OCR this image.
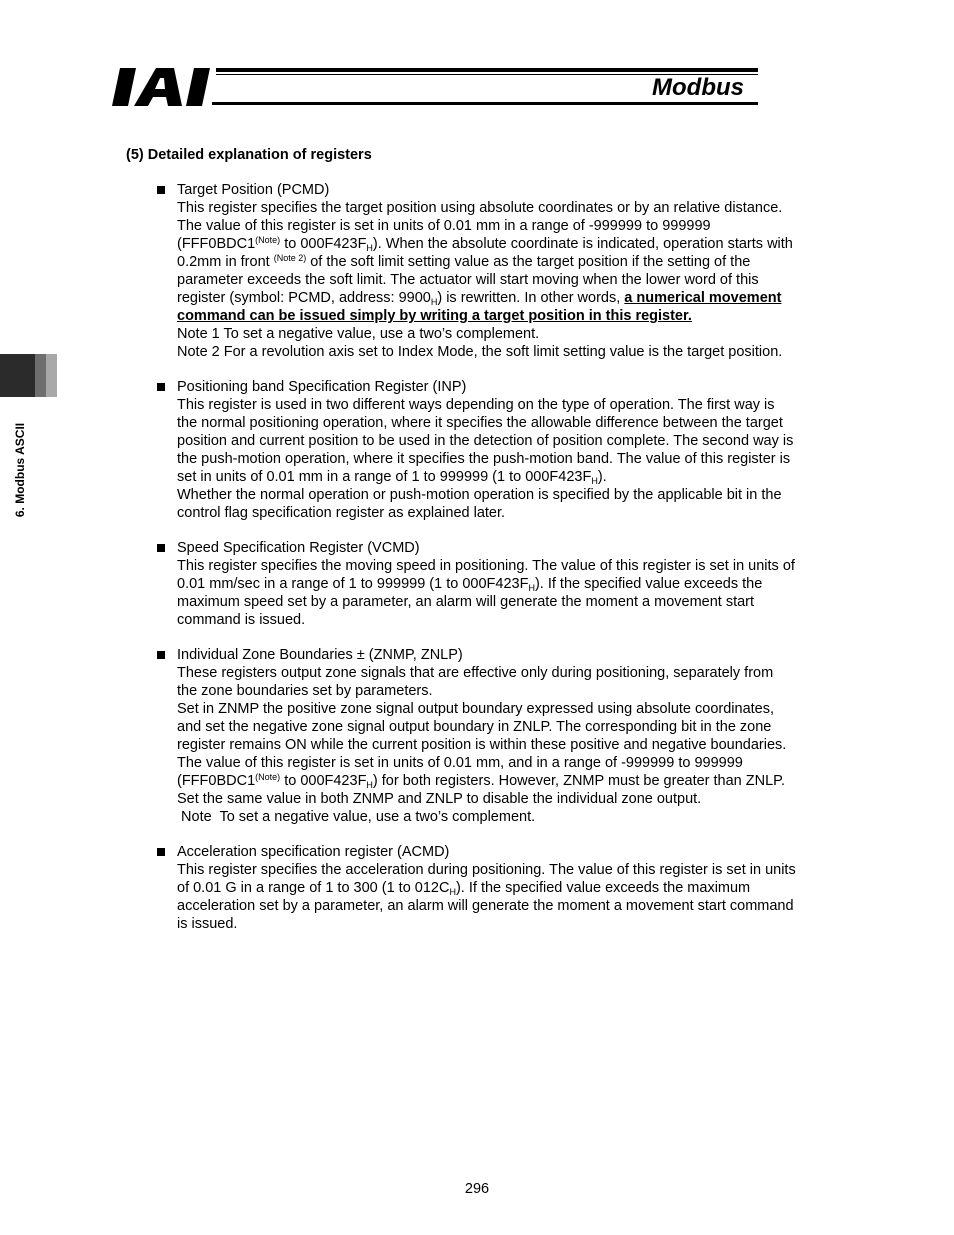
Modbus
6. Modbus ASCII
(5) Detailed explanation of registers
Target Position (PCMD)
This register specifies the target position using absolute coordinates or by an relative distance.
The value of this register is set in units of 0.01 mm in a range of -999999 to 999999
($FFF0BDC1^{(Note)}$ to $000F423F_H$). When the absolute coordinate is indicated, operation starts with
0.2mm in front $^{(Note 2)}$ of the soft limit setting value as the target position if the setting of the
parameter exceeds the soft limit. The actuator will start moving when the lower word of this
register (symbol: PCMD, address: $9900_H$) is rewritten. In other words, a numerical movement
command can be issued simply by writing a target position in this register.
Note 1 To set a negative value, use a two’s complement.
Note 2 For a revolution axis set to Index Mode, the soft limit setting value is the target position.
Positioning band Specification Register (INP)
This register is used in two different ways depending on the type of operation. The first way is
the normal positioning operation, where it specifies the allowable difference between the target
position and current position to be used in the detection of position complete. The second way is
the push-motion operation, where it specifies the push-motion band. The value of this register is
set in units of 0.01 mm in a range of 1 to 999999 (1 to $000F423F_H$).
Whether the normal operation or push-motion operation is specified by the applicable bit in the
control flag specification register as explained later.
Speed Specification Register (VCMD)
This register specifies the moving speed in positioning. The value of this register is set in units of
0.01 mm/sec in a range of 1 to 999999 (1 to $000F423F_H$). If the specified value exceeds the
maximum speed set by a parameter, an alarm will generate the moment a movement start
command is issued.
Individual Zone Boundaries ± (ZNMP, ZNLP)
These registers output zone signals that are effective only during positioning, separately from
the zone boundaries set by parameters.
Set in ZNMP the positive zone signal output boundary expressed using absolute coordinates,
and set the negative zone signal output boundary in ZNLP. The corresponding bit in the zone
register remains ON while the current position is within these positive and negative boundaries.
The value of this register is set in units of 0.01 mm, and in a range of -999999 to 999999
($FFF0BDC1^{(Note)}$ to $000F423F_H$) for both registers. However, ZNMP must be greater than ZNLP.
Set the same value in both ZNMP and ZNLP to disable the individual zone output.
Note  To set a negative value, use a two’s complement.
Acceleration specification register (ACMD)
This register specifies the acceleration during positioning. The value of this register is set in units
of 0.01 G in a range of 1 to 300 (1 to $012C_H$). If the specified value exceeds the maximum
acceleration set by a parameter, an alarm will generate the moment a movement start command
is issued.
296
